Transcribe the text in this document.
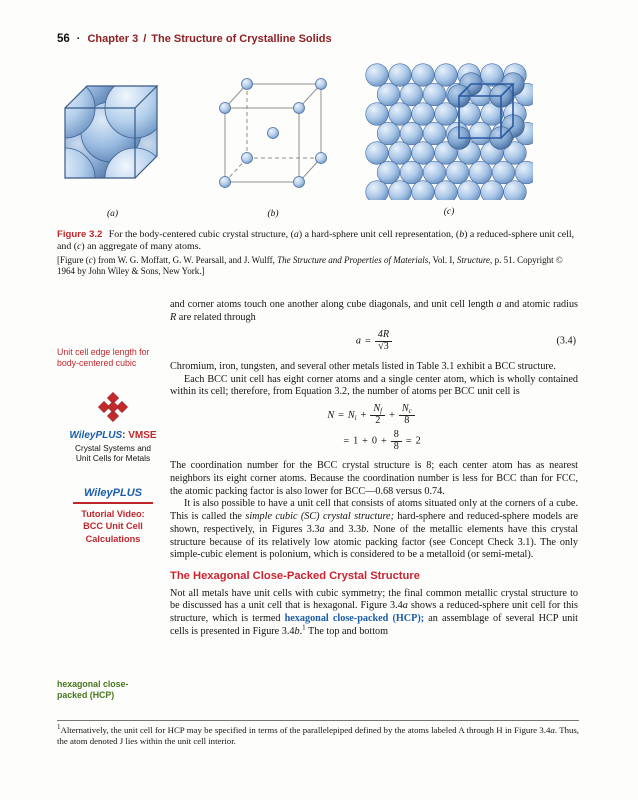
56 · Chapter 3 / The Structure of Crystalline Solids
(a)	(b)	(c)

Figure 3.2 For the body-centered cubic crystal structure, (a) a hard-sphere unit cell representation, (b) a reduced-sphere unit cell, and (c) an aggregate of many atoms.

[Figure (c) from W. G. Moffatt, G. W. Pearsall, and J. Wulff, The Structure and Properties of Materials, Vol. I, Structure, p. 51. Copyright © 1964 by John Wiley & Sons, New York.]

Unit cell edge length for body-centered cubic
WileyPLUS: VMSE
Crystal Systems and
Unit Cells for Metals
WileyPLUS
Tutorial Video:
BCC Unit Cell
Calculations
hexagonal close-packed (HCP)

and corner atoms touch one another along cube diagonals, and unit cell length a and atomic radius R are related through

$a = \frac{4R}{√3}$	(3.4)

Chromium, iron, tungsten, and several other metals listed in Table 3.1 exhibit a BCC structure.

Each BCC unit cell has eight corner atoms and a single center atom, which is wholly contained within its cell; therefore, from Equation 3.2, the number of atoms per BCC unit cell is

$N = N_i + \frac{N_f}{2} + \frac{N_c}{8}$
= $1 + 0 + \frac{8}{8} = 2$

The coordination number for the BCC crystal structure is 8; each center atom has as nearest neighbors its eight corner atoms. Because the coordination number is less for BCC than for FCC, the atomic packing factor is also lower for BCC—0.68 versus 0.74.

It is also possible to have a unit cell that consists of atoms situated only at the corners of a cube. This is called the simple cubic (SC) crystal structure; hard-sphere and reduced-sphere models are shown, respectively, in Figures 3.3a and 3.3b. None of the metallic elements have this crystal structure because of its relatively low atomic packing factor (see Concept Check 3.1). The only simple-cubic element is polonium, which is considered to be a metalloid (or semi-metal).

The Hexagonal Close-Packed Crystal Structure

Not all metals have unit cells with cubic symmetry; the final common metallic crystal structure to be discussed has a unit cell that is hexagonal. Figure 3.4a shows a reduced-sphere unit cell for this structure, which is termed hexagonal close-packed (HCP); an assemblage of several HCP unit cells is presented in Figure 3.4b.$^1$ The top and bottom

$^1$Alternatively, the unit cell for HCP may be specified in terms of the parallelepiped defined by the atoms labeled A through H in Figure 3.4a. Thus, the atom denoted J lies within the unit cell interior.
